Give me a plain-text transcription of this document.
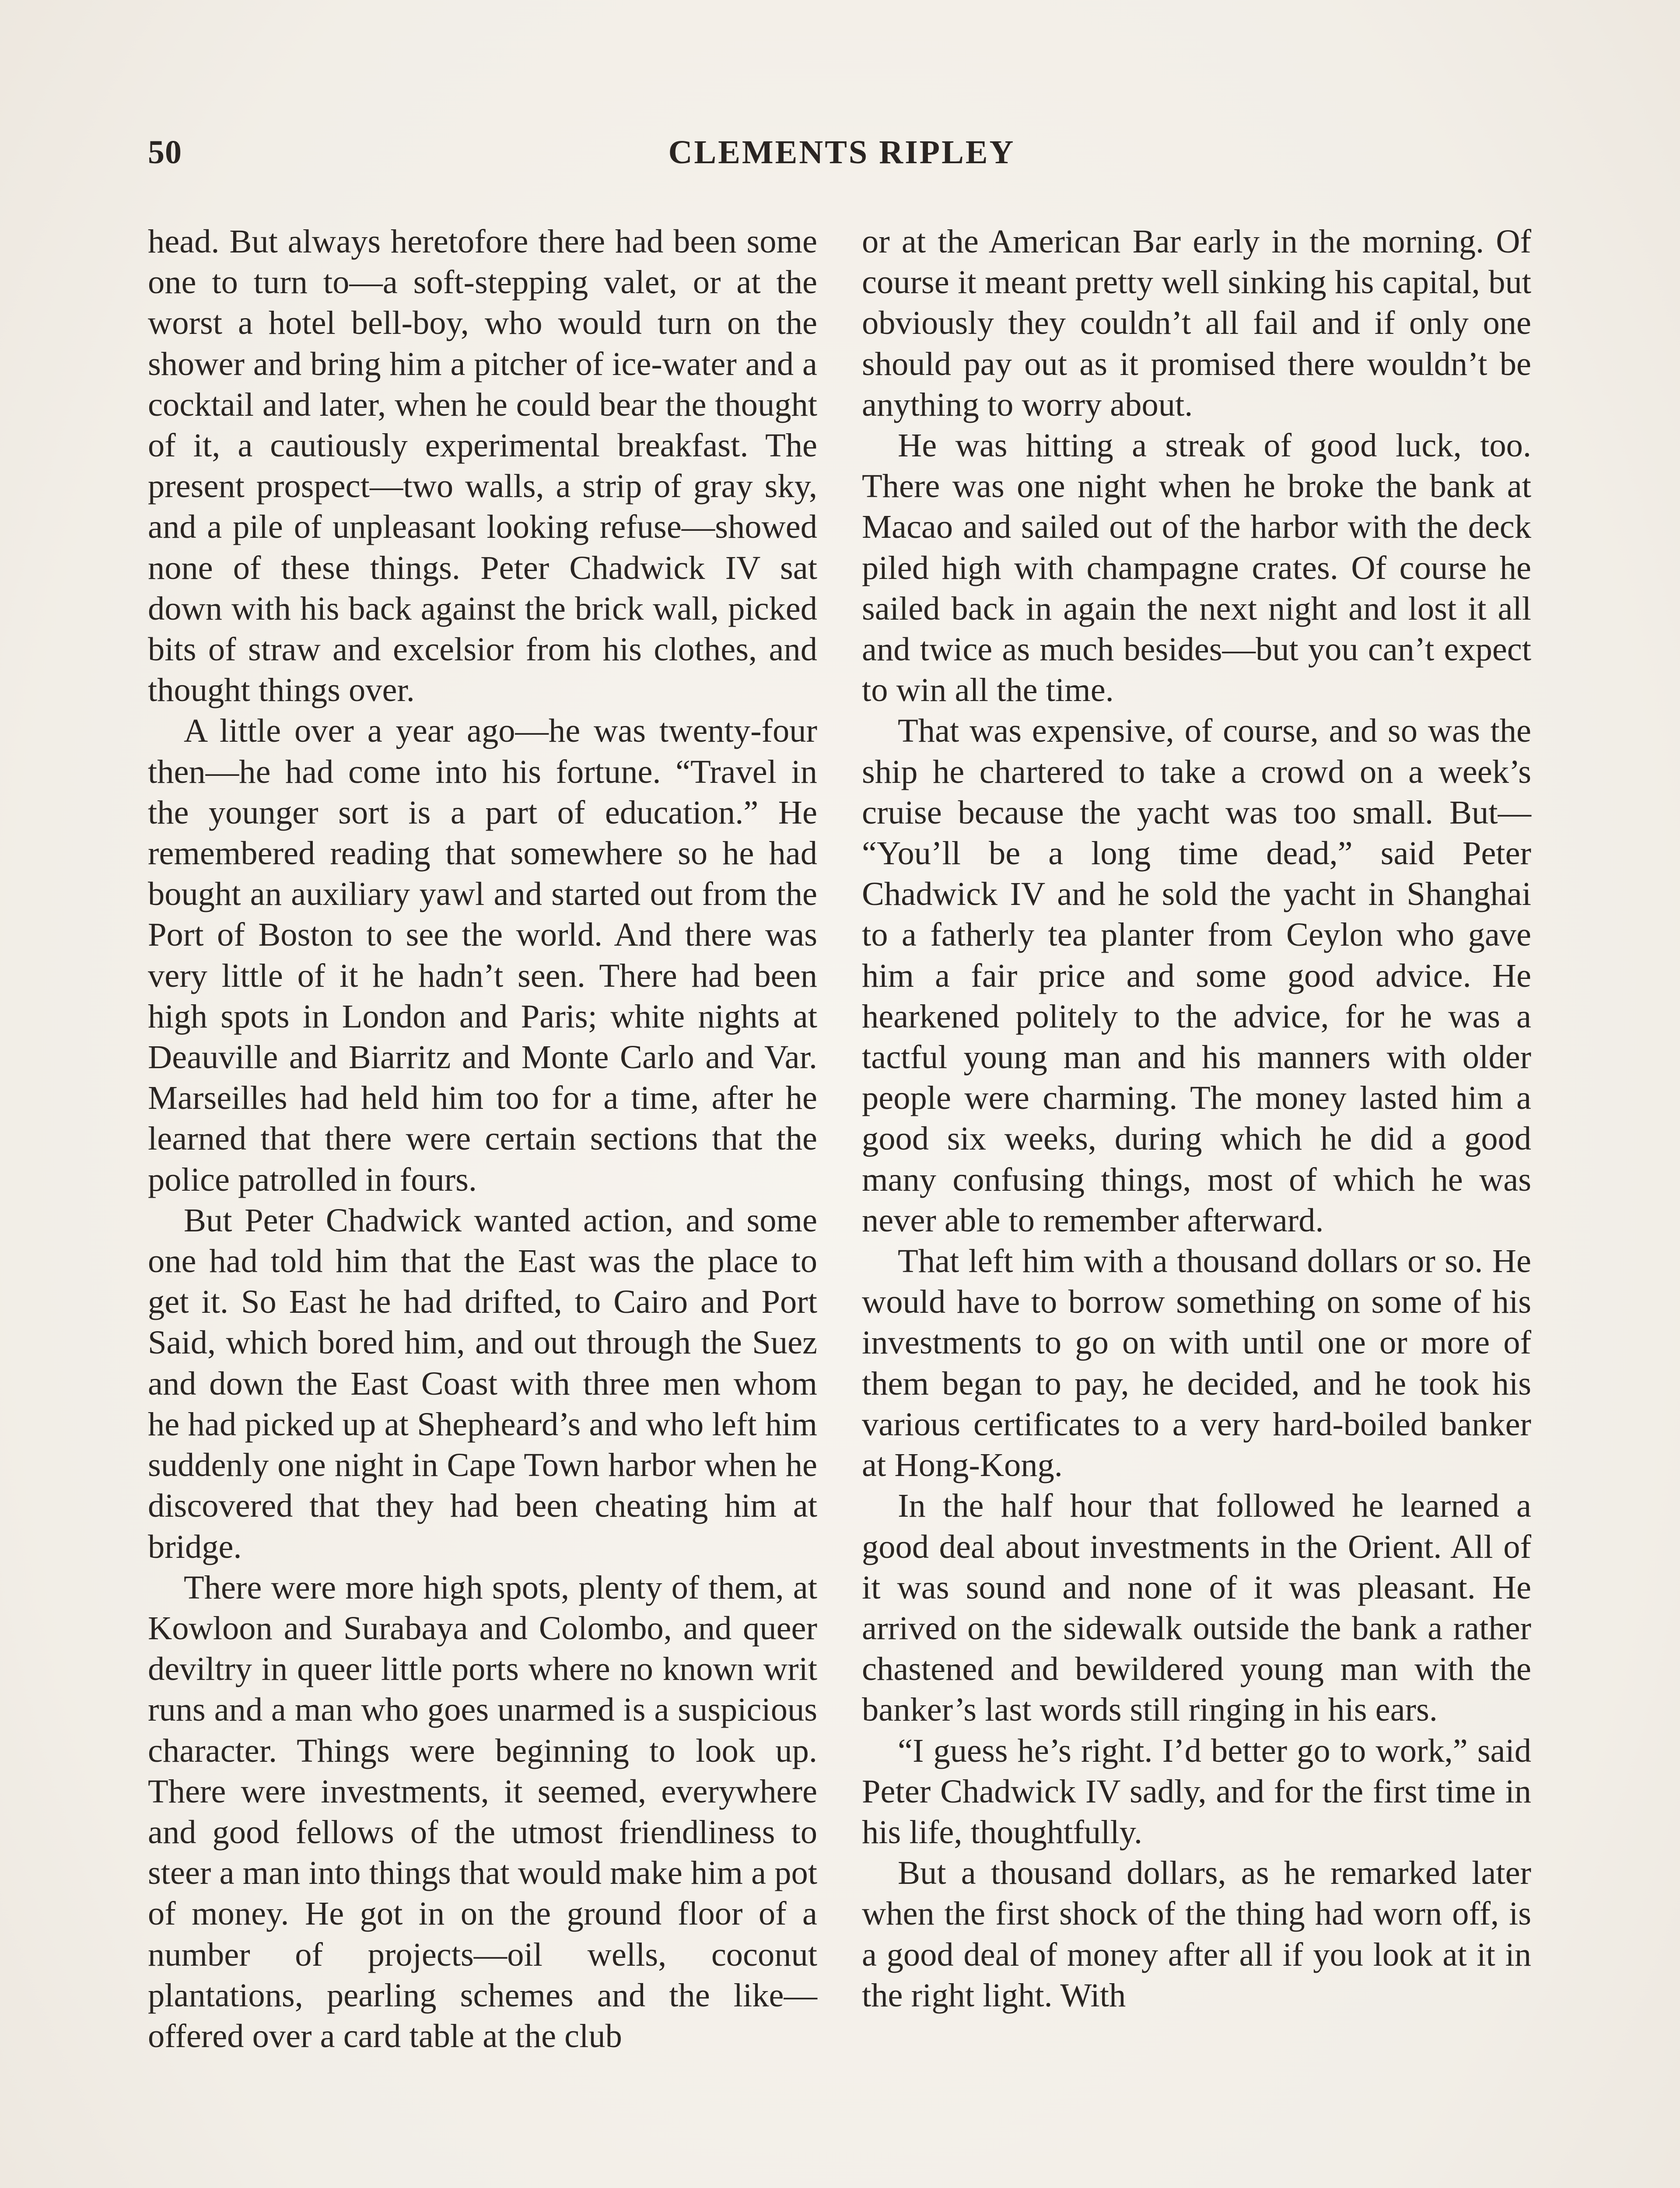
50	CLEMENTS RIPLEY

head. But always heretofore there had been some one to turn to—a soft-stepping valet, or at the worst a hotel bell-boy, who would turn on the shower and bring him a pitcher of ice-water and a cocktail and later, when he could bear the thought of it, a cautiously experimental breakfast. The present prospect—two walls, a strip of gray sky, and a pile of unpleasant looking refuse—showed none of these things. Peter Chadwick IV sat down with his back against the brick wall, picked bits of straw and excelsior from his clothes, and thought things over.

A little over a year ago—he was twenty-four then—he had come into his fortune. “Travel in the younger sort is a part of education.” He remembered reading that somewhere so he had bought an auxiliary yawl and started out from the Port of Boston to see the world. And there was very little of it he hadn’t seen. There had been high spots in London and Paris; white nights at Deauville and Biarritz and Monte Carlo and Var. Marseilles had held him too for a time, after he learned that there were certain sections that the police patrolled in fours.

But Peter Chadwick wanted action, and some one had told him that the East was the place to get it. So East he had drifted, to Cairo and Port Said, which bored him, and out through the Suez and down the East Coast with three men whom he had picked up at Shepheard’s and who left him suddenly one night in Cape Town harbor when he discovered that they had been cheating him at bridge.

There were more high spots, plenty of them, at Kowloon and Surabaya and Colombo, and queer deviltry in queer little ports where no known writ runs and a man who goes unarmed is a suspicious character. Things were beginning to look up. There were investments, it seemed, everywhere and good fellows of the utmost friendliness to steer a man into things that would make him a pot of money. He got in on the ground floor of a number of projects—oil wells, coconut plantations, pearling schemes and the like—offered over a card table at the club

or at the American Bar early in the morning. Of course it meant pretty well sinking his capital, but obviously they couldn’t all fail and if only one should pay out as it promised there wouldn’t be anything to worry about.

He was hitting a streak of good luck, too. There was one night when he broke the bank at Macao and sailed out of the harbor with the deck piled high with champagne crates. Of course he sailed back in again the next night and lost it all and twice as much besides—but you can’t expect to win all the time.

That was expensive, of course, and so was the ship he chartered to take a crowd on a week’s cruise because the yacht was too small. But— “You’ll be a long time dead,” said Peter Chadwick IV and he sold the yacht in Shanghai to a fatherly tea planter from Ceylon who gave him a fair price and some good advice. He hearkened politely to the advice, for he was a tactful young man and his manners with older people were charming. The money lasted him a good six weeks, during which he did a good many confusing things, most of which he was never able to remember afterward.

That left him with a thousand dollars or so. He would have to borrow something on some of his investments to go on with until one or more of them began to pay, he decided, and he took his various certificates to a very hard-boiled banker at Hong-Kong.

In the half hour that followed he learned a good deal about investments in the Orient. All of it was sound and none of it was pleasant. He arrived on the sidewalk outside the bank a rather chastened and bewildered young man with the banker’s last words still ringing in his ears.

“I guess he’s right. I’d better go to work,” said Peter Chadwick IV sadly, and for the first time in his life, thoughtfully.

But a thousand dollars, as he remarked later when the first shock of the thing had worn off, is a good deal of money after all if you look at it in the right light. With
